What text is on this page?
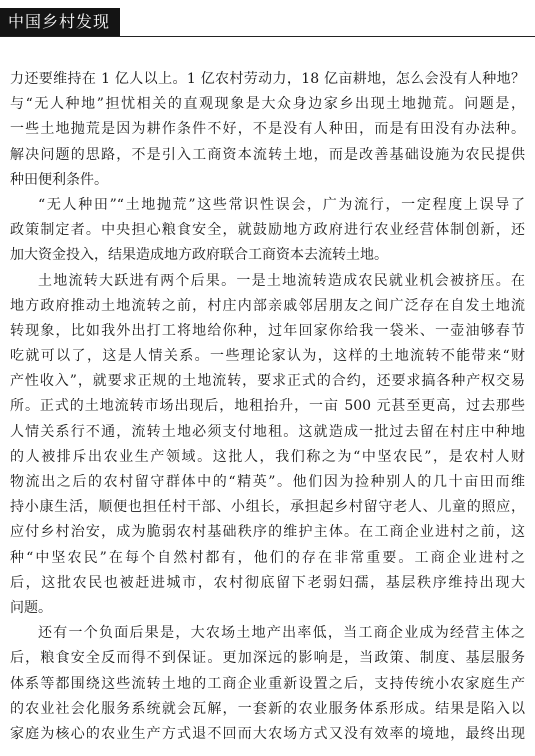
中国乡村发现
力还要维持在 1 亿人以上。1 亿农村劳动力，18 亿亩耕地，怎么会没有人种地？
与“无人种地”担忧相关的直观现象是大众身边家乡出现土地抛荒。问题是，
一些土地抛荒是因为耕作条件不好，不是没有人种田，而是有田没有办法种。
解决问题的思路，不是引入工商资本流转土地，而是改善基础设施为农民提供
种田便利条件。
“无人种田”“土地抛荒”这些常识性误会，广为流行，一定程度上误导了
政策制定者。中央担心粮食安全，就鼓励地方政府进行农业经营体制创新，还
加大资金投入，结果造成地方政府联合工商资本去流转土地。
土地流转大跃进有两个后果。一是土地流转造成农民就业机会被挤压。在
地方政府推动土地流转之前，村庄内部亲戚邻居朋友之间广泛存在自发土地流
转现象，比如我外出打工将地给你种，过年回家你给我一袋米、一壶油够春节
吃就可以了，这是人情关系。一些理论家认为，这样的土地流转不能带来“财
产性收入”，就要求正规的土地流转，要求正式的合约，还要求搞各种产权交易
所。正式的土地流转市场出现后，地租抬升，一亩 500 元甚至更高，过去那些
人情关系行不通，流转土地必须支付地租。这就造成一批过去留在村庄中种地
的人被排斥出农业生产领域。这批人，我们称之为“中坚农民”，是农村人财
物流出之后的农村留守群体中的“精英”。他们因为捡种别人的几十亩田而维
持小康生活，顺便也担任村干部、小组长，承担起乡村留守老人、儿童的照应，
应付乡村治安，成为脆弱农村基础秩序的维护主体。在工商企业进村之前，这
种“中坚农民”在每个自然村都有，他们的存在非常重要。工商企业进村之
后，这批农民也被赶进城市，农村彻底留下老弱妇孺，基层秩序维持出现大
问题。
还有一个负面后果是，大农场土地产出率低，当工商企业成为经营主体之
后，粮食安全反而得不到保证。更加深远的影响是，当政策、制度、基层服务
体系等都围绕这些流转土地的工商企业重新设置之后，支持传统小农家庭生产
的农业社会化服务系统就会瓦解，一套新的农业服务体系形成。结果是陷入以
家庭为核心的农业生产方式退不回而大农场方式又没有效率的境地，最终出现
